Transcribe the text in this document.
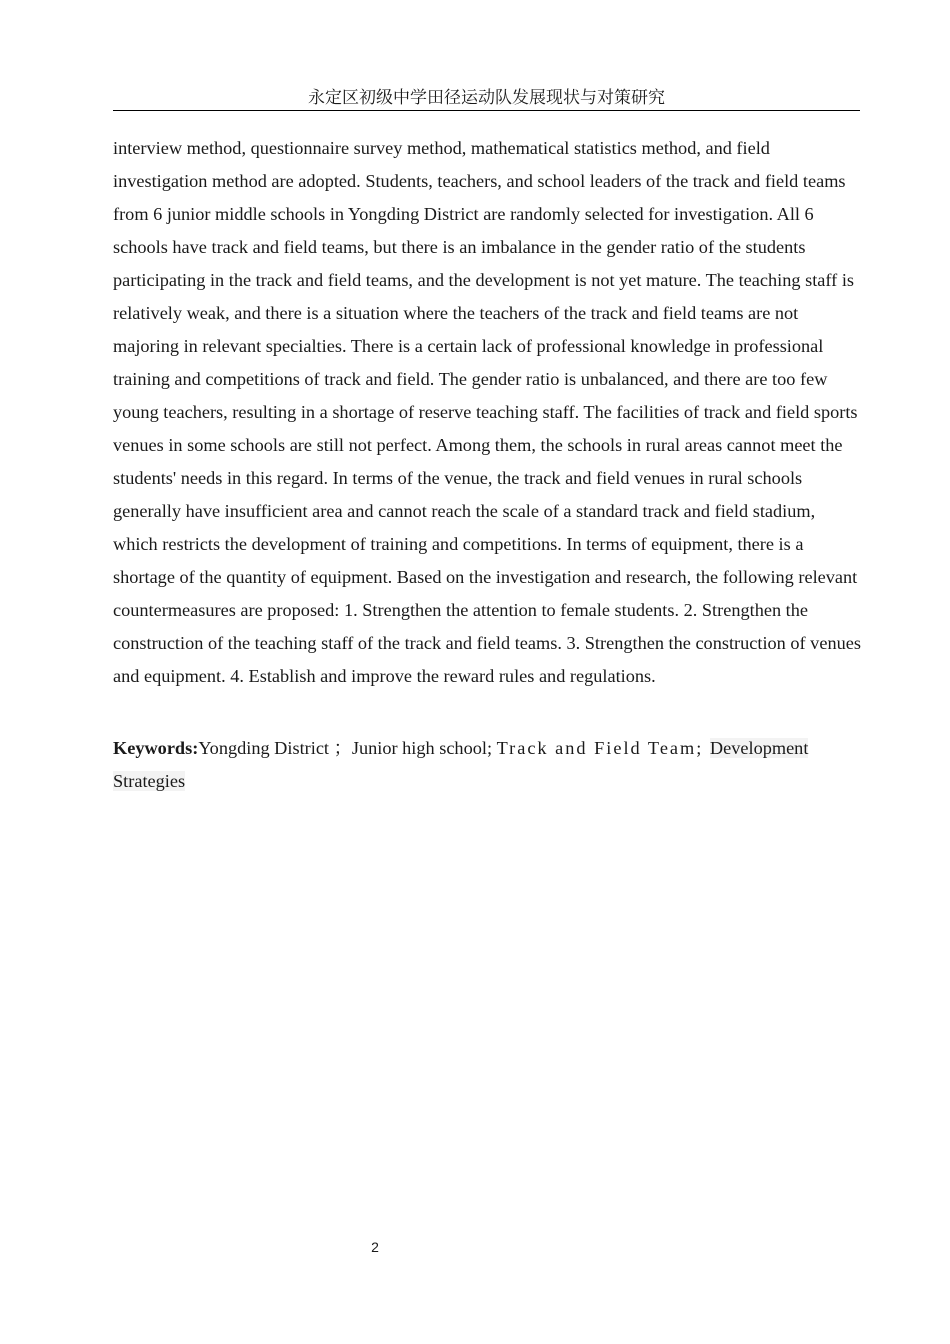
永定区初级中学田径运动队发展现状与对策研究

interview method, questionnaire survey method, mathematical statistics method, and field investigation method are adopted. Students, teachers, and school leaders of the track and field teams from 6 junior middle schools in Yongding District are randomly selected for investigation. All 6 schools have track and field teams, but there is an imbalance in the gender ratio of the students participating in the track and field teams, and the development is not yet mature. The teaching staff is relatively weak, and there is a situation where the teachers of the track and field teams are not majoring in relevant specialties. There is a certain lack of professional knowledge in professional training and competitions of track and field. The gender ratio is unbalanced, and there are too few young teachers, resulting in a shortage of reserve teaching staff. The facilities of track and field sports venues in some schools are still not perfect. Among them, the schools in rural areas cannot meet the students' needs in this regard. In terms of the venue, the track and field venues in rural schools generally have insufficient area and cannot reach the scale of a standard track and field stadium, which restricts the development of training and competitions. In terms of equipment, there is a shortage of the quantity of equipment. Based on the investigation and research, the following relevant countermeasures are proposed: 1. Strengthen the attention to female students. 2. Strengthen the construction of the teaching staff of the track and field teams. 3. Strengthen the construction of venues and equipment. 4. Establish and improve the reward rules and regulations.

Keywords:Yongding District ；Junior high school; Track and Field Team; Development Strategies

2
